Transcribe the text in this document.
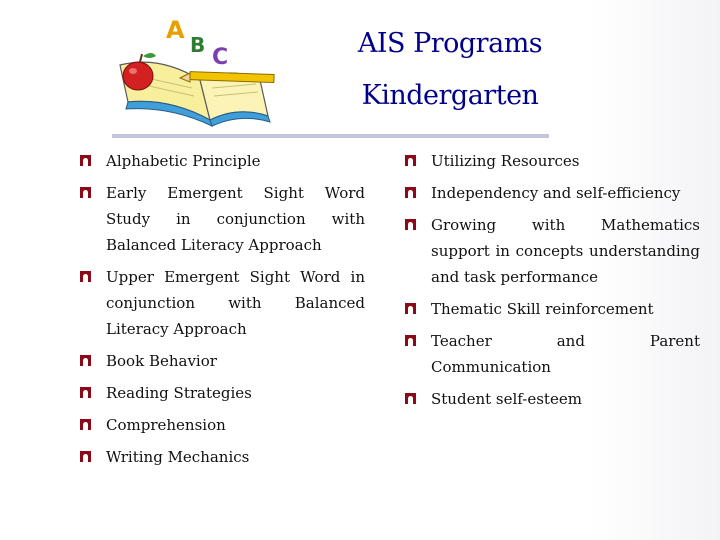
A
B C	AIS Programs
Kindergarten
Alphabetic Principle
Early Emergent Sight Word Study in conjunction with Balanced Literacy Approach
Upper Emergent Sight Word in conjunction with Balanced Literacy Approach
Book Behavior
Reading Strategies
Comprehension
Writing Mechanics
Utilizing Resources
Independency and self-efficiency
Growing with Mathematics support in concepts understanding and task performance
Thematic Skill reinforcement
Teacher and Parent Communication
Student self-esteem
